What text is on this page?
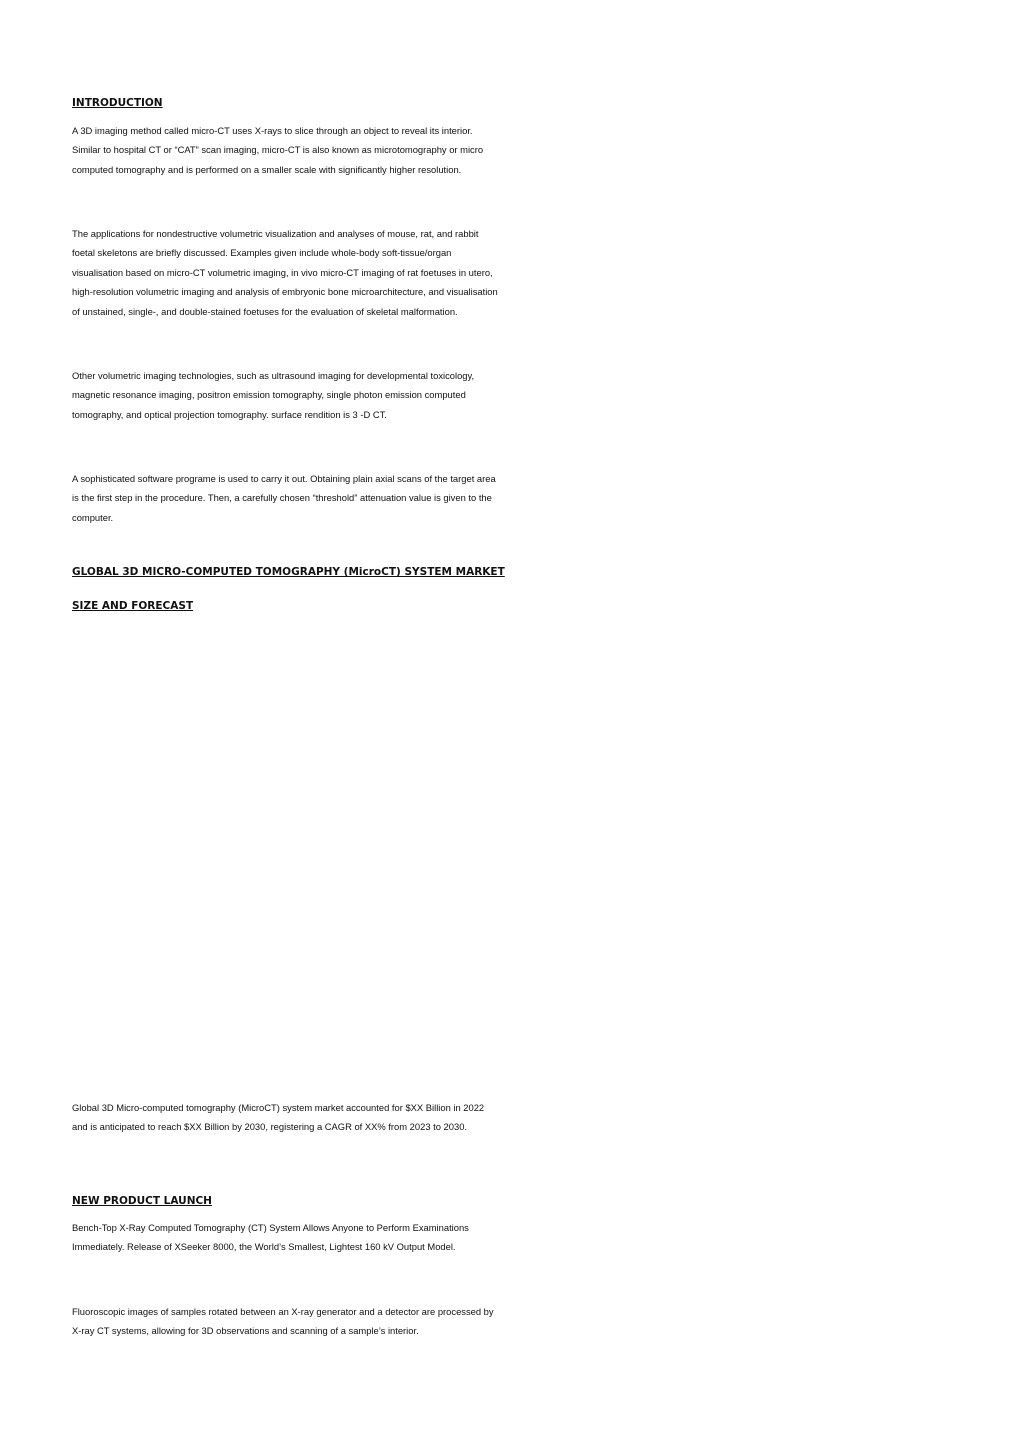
INTRODUCTION

A 3D imaging method called micro-CT uses X-rays to slice through an object to reveal its interior. Similar to hospital CT or “CAT” scan imaging, micro-CT is also known as microtomography or micro computed tomography and is performed on a smaller scale with significantly higher resolution.

The applications for nondestructive volumetric visualization and analyses of mouse, rat, and rabbit foetal skeletons are briefly discussed. Examples given include whole-body soft-tissue/organ visualisation based on micro-CT volumetric imaging, in vivo micro-CT imaging of rat foetuses in utero, high-resolution volumetric imaging and analysis of embryonic bone microarchitecture, and visualisation of unstained, single-, and double-stained foetuses for the evaluation of skeletal malformation.

Other volumetric imaging technologies, such as ultrasound imaging for developmental toxicology, magnetic resonance imaging, positron emission tomography, single photon emission computed tomography, and optical projection tomography. surface rendition is 3 -D CT.

A sophisticated software programe is used to carry it out. Obtaining plain axial scans of the target area is the first step in the procedure. Then, a carefully chosen “threshold” attenuation value is given to the computer.

GLOBAL 3D MICRO-COMPUTED TOMOGRAPHY (MicroCT) SYSTEM MARKET
SIZE AND FORECAST

Global 3D Micro-computed tomography (MicroCT) system market accounted for $XX Billion in 2022 and is anticipated to reach $XX Billion by 2030, registering a CAGR of XX% from 2023 to 2030.

NEW PRODUCT LAUNCH

Bench-Top X-Ray Computed Tomography (CT) System Allows Anyone to Perform Examinations Immediately. Release of XSeeker 8000, the World’s Smallest, Lightest 160 kV Output Model.

Fluoroscopic images of samples rotated between an X-ray generator and a detector are processed by X-ray CT systems, allowing for 3D observations and scanning of a sample’s interior.
